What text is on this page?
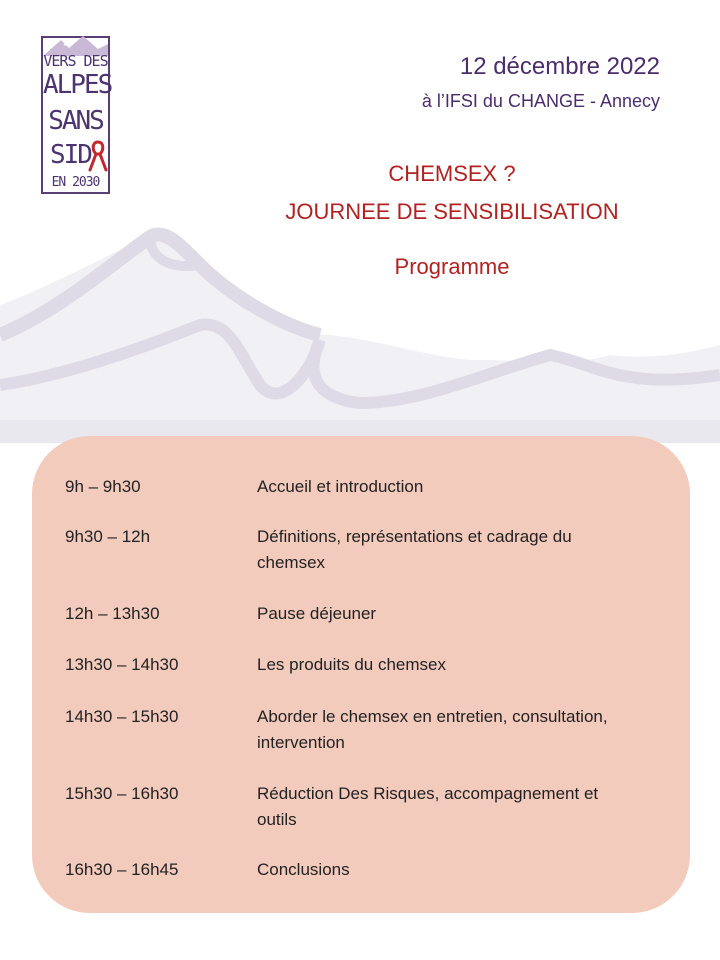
★
VERS DES
ALPES
SANS
SID
EN 2030
12 décembre 2022
à l’IFSI du CHANGE - Annecy
CHEMSEX ?
JOURNEE DE SENSIBILISATION
Programme
9h – 9h30	Accueil et introduction
9h30 – 12h	Définitions, représentations et cadrage du chemsex
12h – 13h30	Pause déjeuner
13h30 – 14h30	Les produits du chemsex
14h30 – 15h30	Aborder le chemsex en entretien, consultation, intervention
15h30 – 16h30	Réduction Des Risques, accompagnement et outils
16h30 – 16h45	Conclusions
